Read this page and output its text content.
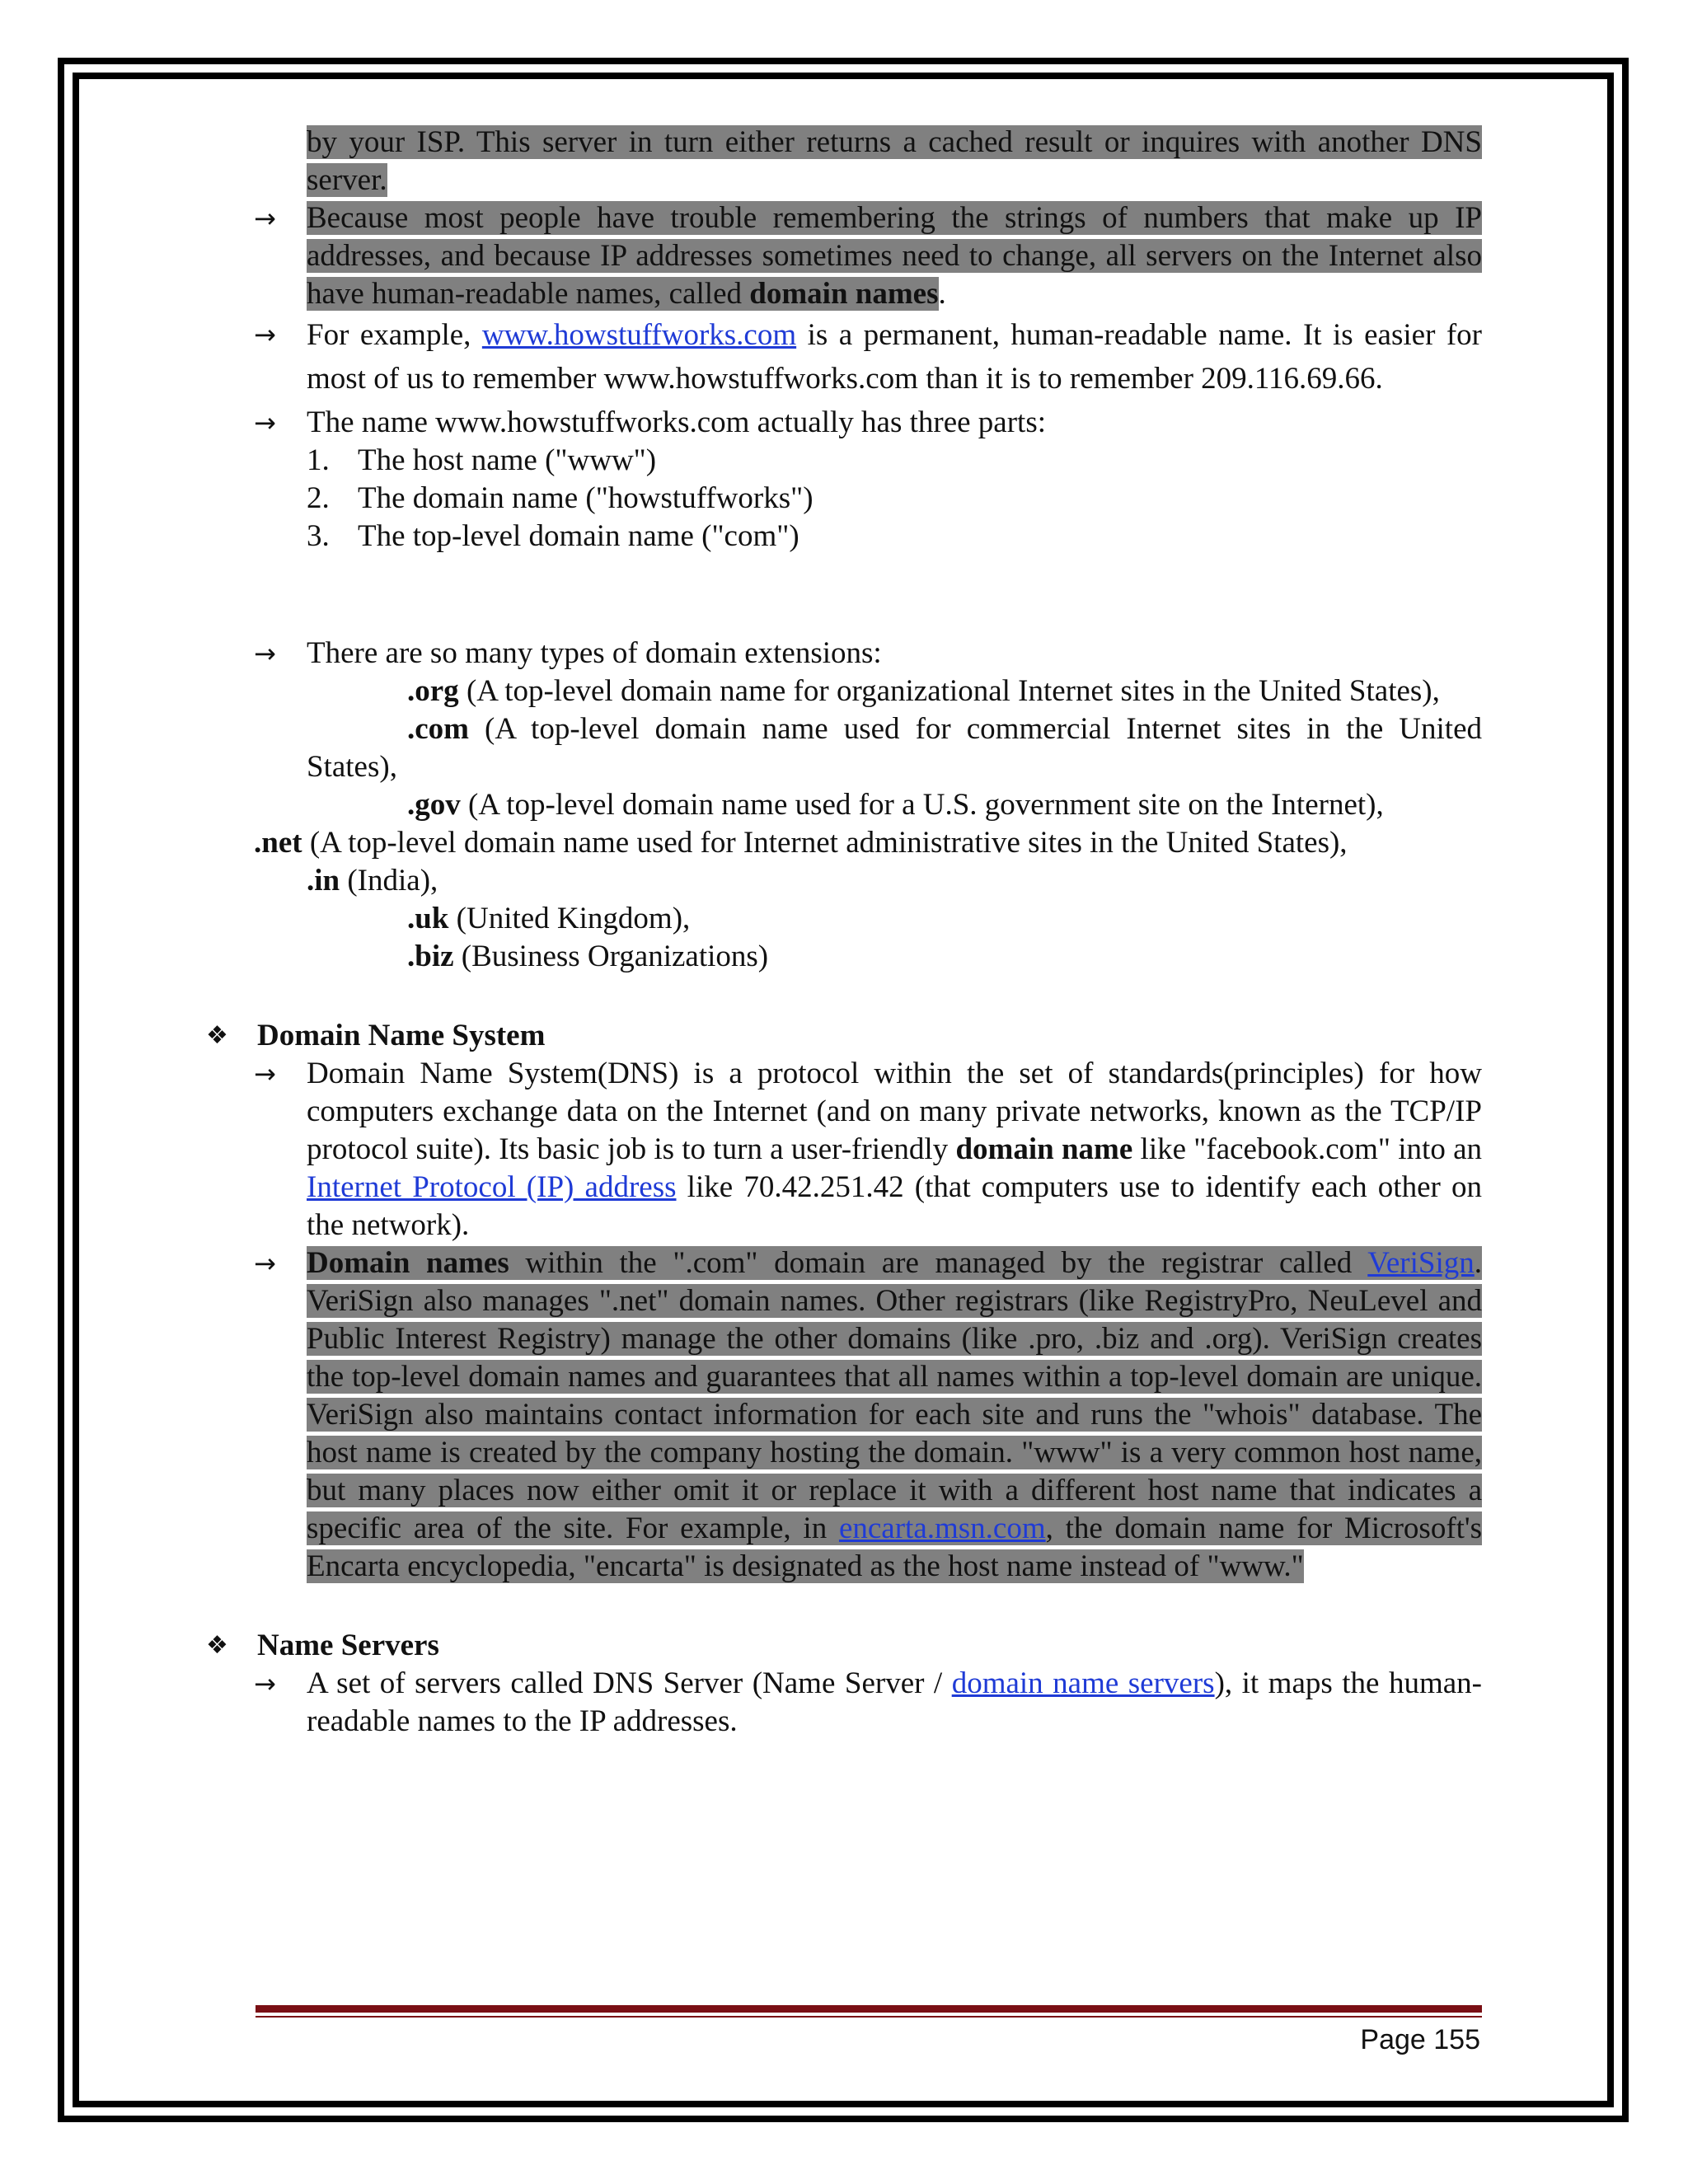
by your ISP. This server in turn either returns a cached result or inquires with another DNS server.

→	Because most people have trouble remembering the strings of numbers that make up IP addresses, and because IP addresses sometimes need to change, all servers on the Internet also have human-readable names, called domain names.
→	For example, www.howstuffworks.com is a permanent, human-readable name. It is easier for most of us to remember www.howstuffworks.com than it is to remember 209.116.69.66.
→	The name www.howstuffworks.com actually has three parts:
1. The host name ("www")
2. The domain name ("howstuffworks")
3. The top-level domain name ("com")
→	There are so many types of domain extensions:
.org (A top-level domain name for organizational Internet sites in the United States),
.com (A top-level domain name used for commercial Internet sites in the United States),
.gov (A top-level domain name used for a U.S. government site on the Internet),
.net (A top-level domain name used for Internet administrative sites in the United States),
.in (India),
.uk (United Kingdom),
.biz (Business Organizations)
❖ Domain Name System
→	Domain Name System(DNS) is a protocol within the set of standards(principles) for how computers exchange data on the Internet (and on many private networks, known as the TCP/IP protocol suite). Its basic job is to turn a user-friendly domain name like "facebook.com" into an Internet Protocol (IP) address like 70.42.251.42 (that computers use to identify each other on the network).
→	Domain names within the ".com" domain are managed by the registrar called VeriSign. VeriSign also manages ".net" domain names. Other registrars (like RegistryPro, NeuLevel and Public Interest Registry) manage the other domains (like .pro, .biz and .org). VeriSign creates the top-level domain names and guarantees that all names within a top-level domain are unique. VeriSign also maintains contact information for each site and runs the "whois" database. The host name is created by the company hosting the domain. "www" is a very common host name, but many places now either omit it or replace it with a different host name that indicates a specific area of the site. For example, in encarta.msn.com, the domain name for Microsoft's Encarta encyclopedia, "encarta" is designated as the host name instead of "www."
❖ Name Servers
→	A set of servers called DNS Server (Name Server / domain name servers), it maps the human-readable names to the IP addresses.
Page 155
